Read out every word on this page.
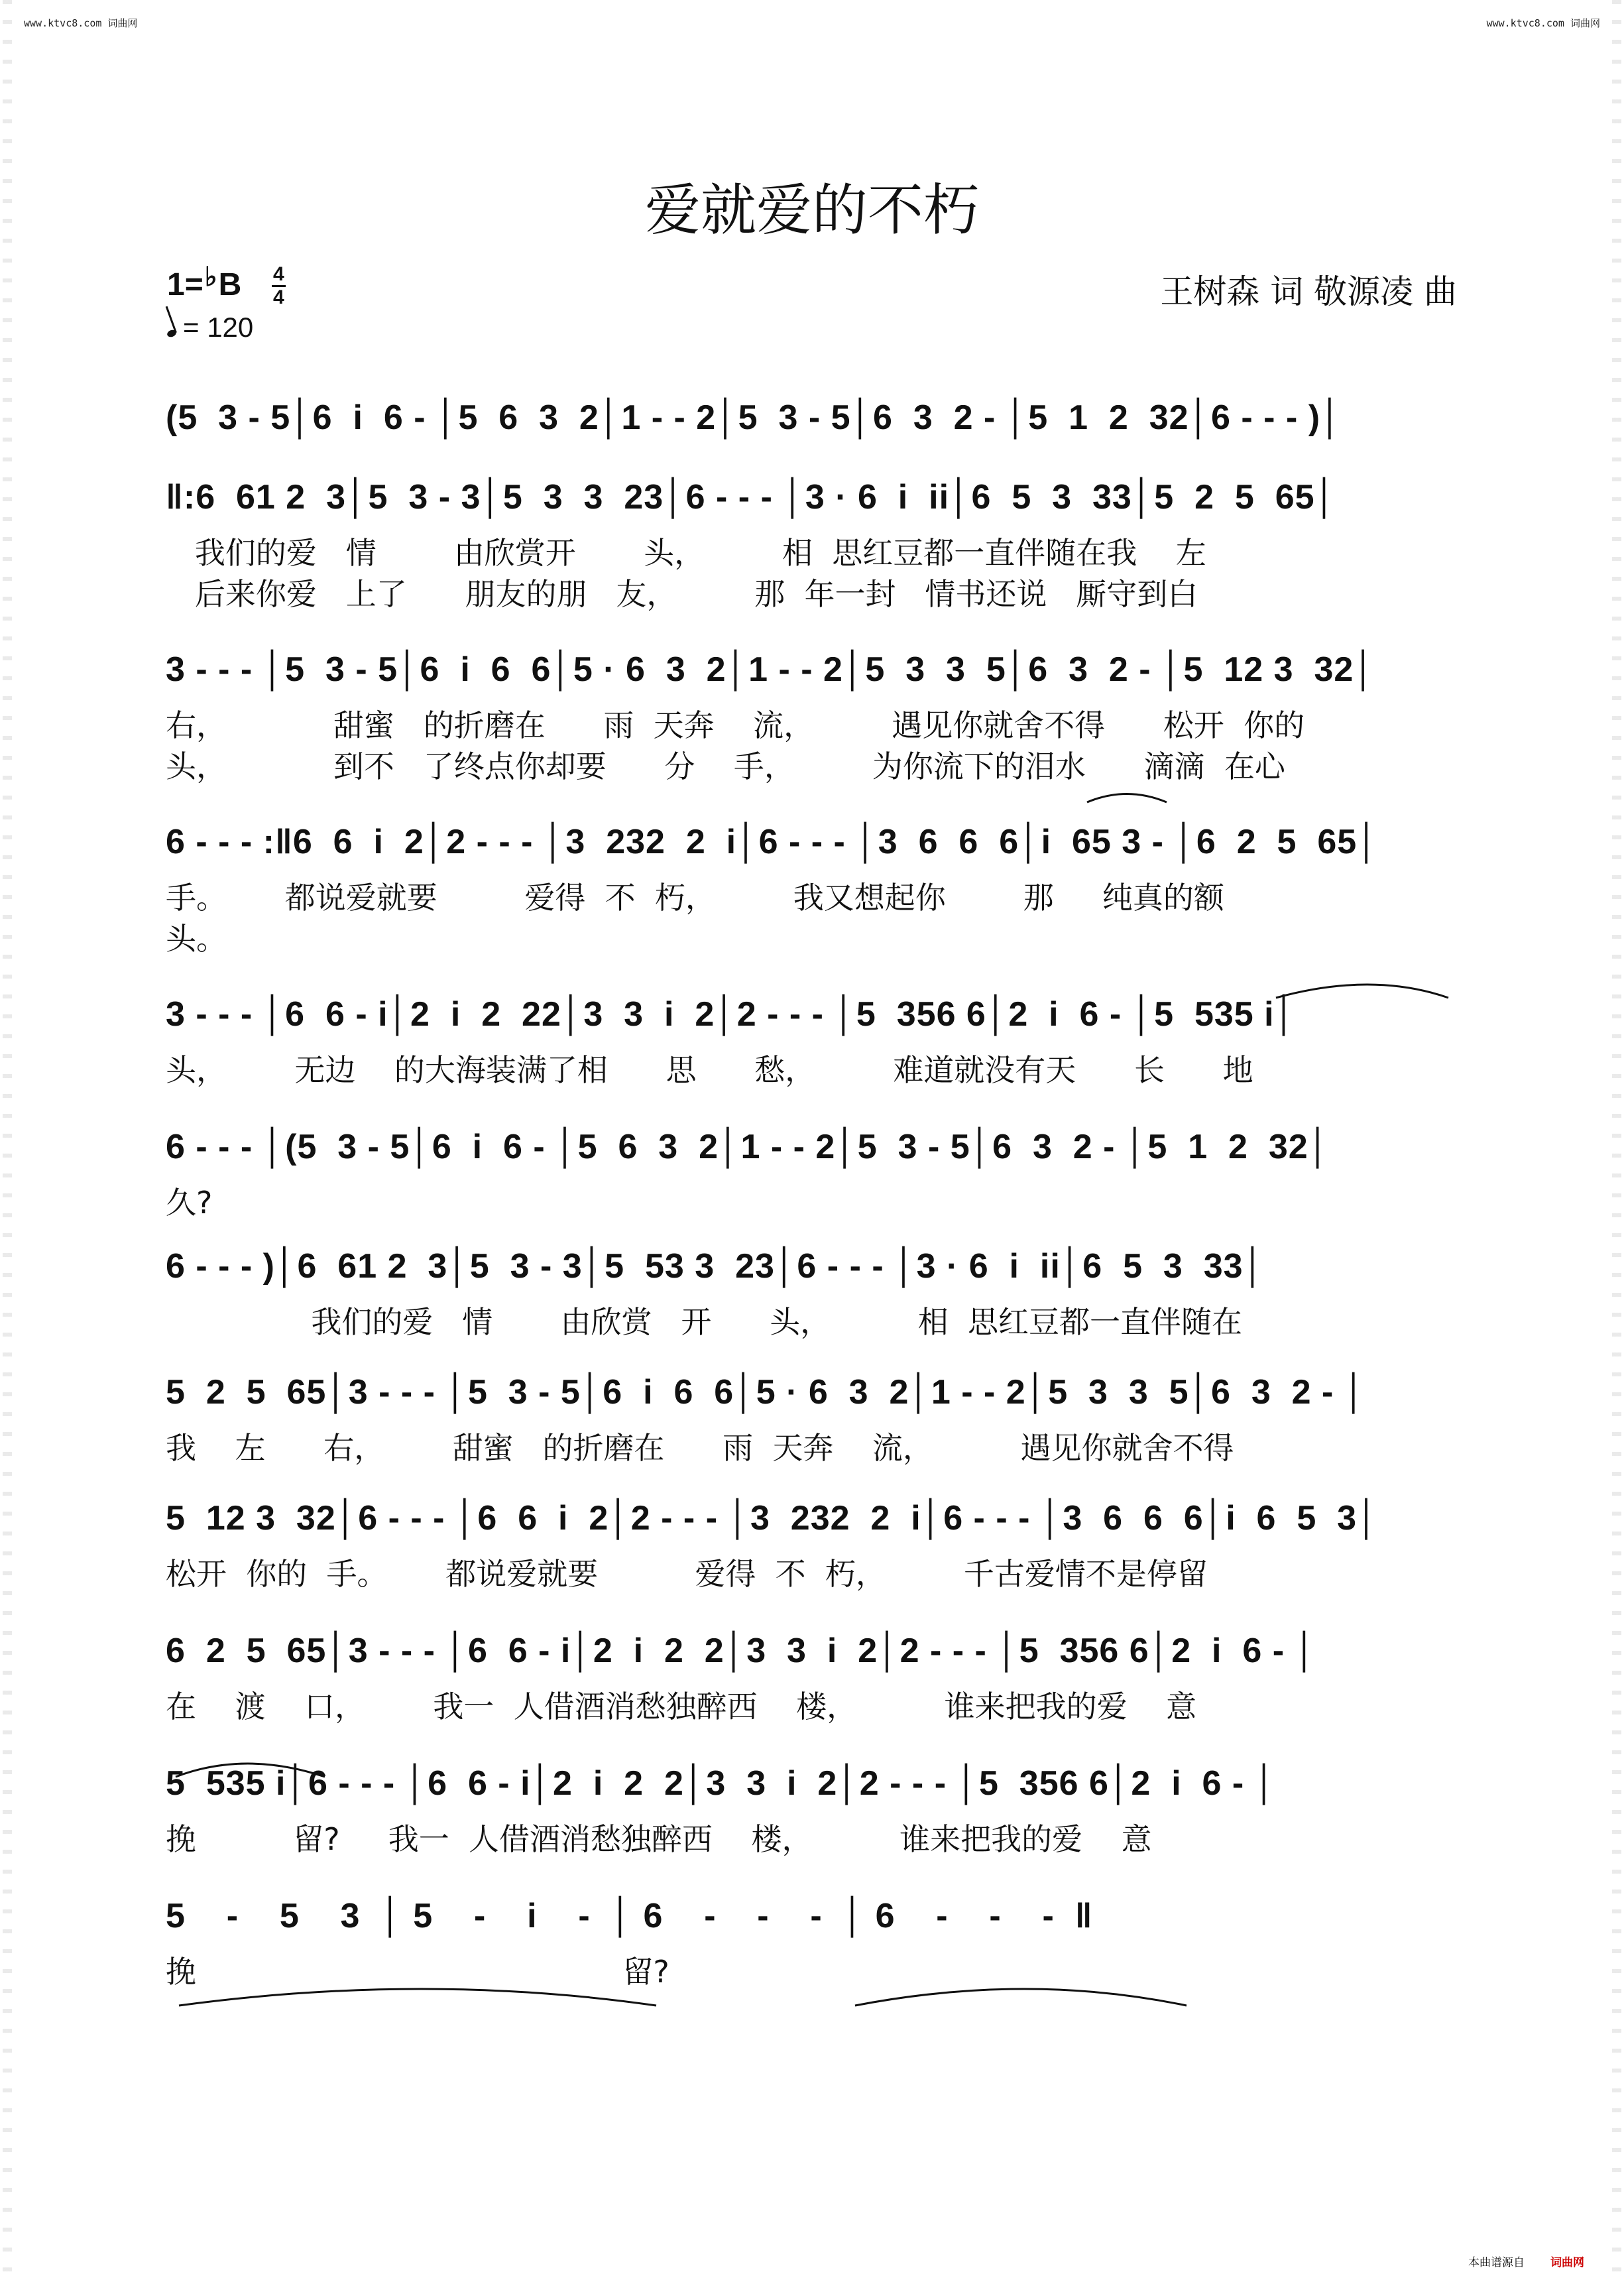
www.ktvc8.com 词曲网	www.ktvc8.com 词曲网
爱就爱的不朽
1=♭B 4
4
= 120
王树森 词 敬源凌 曲
(5  3 - 5│6  i  6 - │5  6  3  2│1 - - 2│5  3 - 5│6  3  2 - │5  1  2  32│6 - - - )│
‖:6  61 2  3│5  3 - 3│5  3  3  23│6 - - - │3 · 6  i  ii│6  5  3  33│5  2  5  65│
我们的爱   情        由欣赏开       头，        相  思红豆都一直伴随在我    左
后来你爱   上了      朋友的朋   友，        那  年一封   情书还说   厮守到白
3 - - - │5  3 - 5│6  i  6  6│5 · 6  3  2│1 - - 2│5  3  3  5│6  3  2 - │5  12 3  32│
右，           甜蜜   的折磨在      雨  天奔    流，        遇见你就舍不得      松开  你的
头，           到不   了终点你却要      分    手，        为你流下的泪水      滴滴  在心
6 - - - :‖6  6  i  2│2 - - - │3  232  2  i│6 - - - │3  6  6  6│i  65 3 - │6  2  5  65│
手。      都说爱就要         爱得  不  朽，        我又想起你        那     纯真的额
头。
3 - - - │6  6 - i│2  i  2  22│3  3  i  2│2 - - - │5  356 6│2  i  6 - │5  535 i│
头，       无边    的大海装满了相      思      愁，        难道就没有天      长      地
6 - - - │(5  3 - 5│6  i  6 - │5  6  3  2│1 - - 2│5  3 - 5│6  3  2 - │5  1  2  32│
久?
6 - - - )│6  61 2  3│5  3 - 3│5  53 3  23│6 - - - │3 · 6  i  ii│6  5  3  33│
我们的爱   情       由欣赏   开      头，         相  思红豆都一直伴随在
5  2  5  65│3 - - - │5  3 - 5│6  i  6  6│5 · 6  3  2│1 - - 2│5  3  3  5│6  3  2 - │
我    左      右，       甜蜜   的折磨在      雨  天奔    流，         遇见你就舍不得
5  12 3  32│6 - - - │6  6  i  2│2 - - - │3  232  2  i│6 - - - │3  6  6  6│i  6  5  3│
松开  你的  手。      都说爱就要          爱得  不  朽，        千古爱情不是停留
6  2  5  65│3 - - - │6  6 - i│2  i  2  2│3  3  i  2│2 - - - │5  356 6│2  i  6 - │
在    渡    口，       我一  人借酒消愁独醉西    楼，         谁来把我的爱    意
5  535 i│6 - - - │6  6 - i│2  i  2  2│3  3  i  2│2 - - - │5  356 6│2  i  6 - │
挽          留?     我一  人借酒消愁独醉西    楼，         谁来把我的爱    意
5    -    5    3  │ 5    -    i    -  │ 6    -    -    -  │ 6    -    -    -  ‖
挽                                            留?
本曲谱源自 词曲网
